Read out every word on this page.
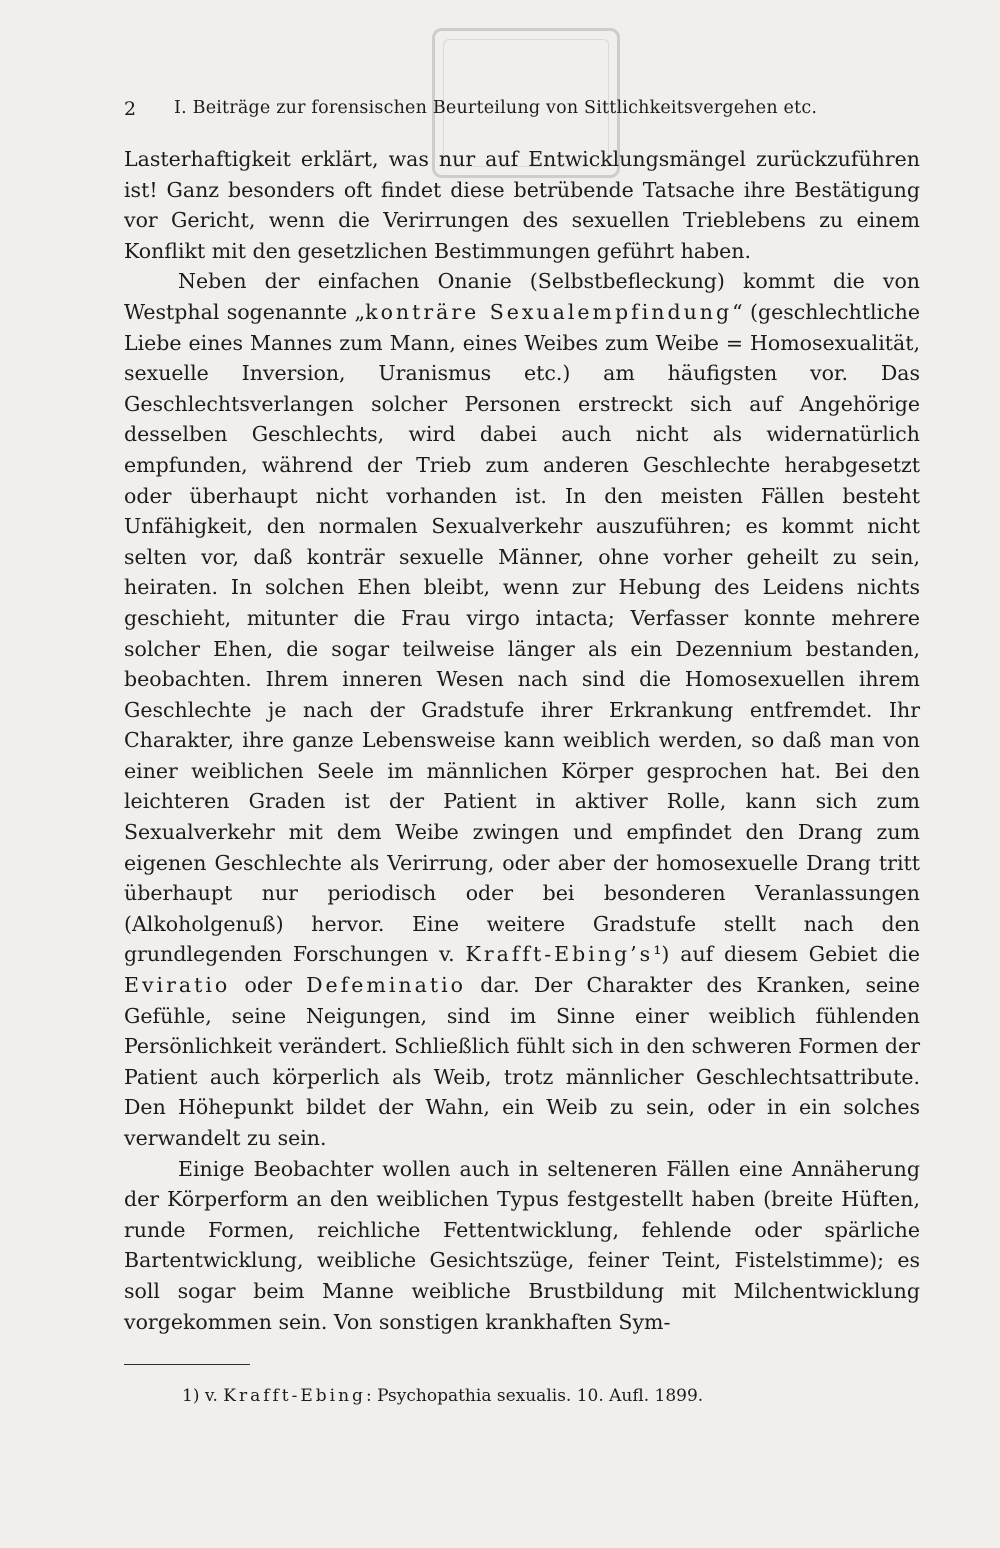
2 I. Beiträge zur forensischen Beurteilung von Sittlichkeitsvergehen etc.

Lasterhaftigkeit erklärt, was nur auf Entwicklungsmängel zurückzuführen ist! Ganz besonders oft findet diese betrübende Tatsache ihre Bestätigung vor Gericht, wenn die Verirrungen des sexuellen Trieblebens zu einem Konflikt mit den gesetzlichen Bestimmungen geführt haben.

Neben der einfachen Onanie (Selbstbefleckung) kommt die von Westphal sogenannte „konträre Sexualempfindung“ (geschlechtliche Liebe eines Mannes zum Mann, eines Weibes zum Weibe = Homosexualität, sexuelle Inversion, Uranismus etc.) am häufigsten vor. Das Geschlechtsverlangen solcher Personen erstreckt sich auf Angehörige desselben Geschlechts, wird dabei auch nicht als widernatürlich empfunden, während der Trieb zum anderen Geschlechte herabgesetzt oder überhaupt nicht vorhanden ist. In den meisten Fällen besteht Unfähigkeit, den normalen Sexualverkehr auszuführen; es kommt nicht selten vor, daß konträr sexuelle Männer, ohne vorher geheilt zu sein, heiraten. In solchen Ehen bleibt, wenn zur Hebung des Leidens nichts geschieht, mitunter die Frau virgo intacta; Verfasser konnte mehrere solcher Ehen, die sogar teilweise länger als ein Dezennium bestanden, beobachten. Ihrem inneren Wesen nach sind die Homosexuellen ihrem Geschlechte je nach der Gradstufe ihrer Erkrankung entfremdet. Ihr Charakter, ihre ganze Lebensweise kann weiblich werden, so daß man von einer weiblichen Seele im männlichen Körper gesprochen hat. Bei den leichteren Graden ist der Patient in aktiver Rolle, kann sich zum Sexualverkehr mit dem Weibe zwingen und empfindet den Drang zum eigenen Geschlechte als Verirrung, oder aber der homosexuelle Drang tritt überhaupt nur periodisch oder bei besonderen Veranlassungen (Alkoholgenuß) hervor. Eine weitere Gradstufe stellt nach den grundlegenden Forschungen v. Krafft-Ebing’s¹) auf diesem Gebiet die Eviratio oder Defeminatio dar. Der Charakter des Kranken, seine Gefühle, seine Neigungen, sind im Sinne einer weiblich fühlenden Persönlichkeit verändert. Schließlich fühlt sich in den schweren Formen der Patient auch körperlich als Weib, trotz männlicher Geschlechtsattribute. Den Höhepunkt bildet der Wahn, ein Weib zu sein, oder in ein solches verwandelt zu sein.

Einige Beobachter wollen auch in selteneren Fällen eine Annäherung der Körperform an den weiblichen Typus festgestellt haben (breite Hüften, runde Formen, reichliche Fettentwicklung, fehlende oder spärliche Bartentwicklung, weibliche Gesichtszüge, feiner Teint, Fistelstimme); es soll sogar beim Manne weibliche Brustbildung mit Milchentwicklung vorgekommen sein. Von sonstigen krankhaften Sym-

1) v. Krafft-Ebing: Psychopathia sexualis. 10. Aufl. 1899.
